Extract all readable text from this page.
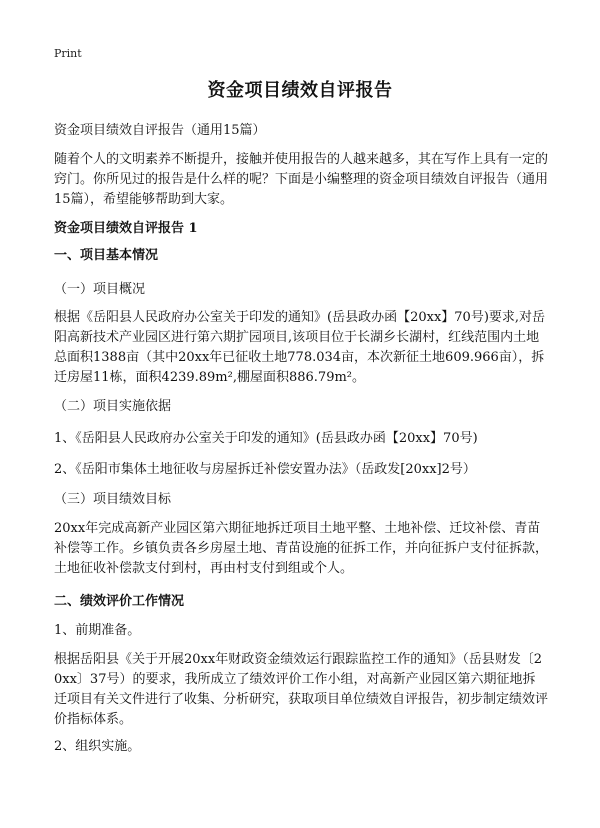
Print
资金项目绩效自评报告
资金项目绩效自评报告（通用15篇）
随着个人的文明素养不断提升，接触并使用报告的人越来越多，其在写作上具有一定的窍门。你所见过的报告是什么样的呢？下面是小编整理的资金项目绩效自评报告（通用15篇），希望能够帮助到大家。
资金项目绩效自评报告 1
一、项目基本情况
（一）项目概况
根据《岳阳县人民政府办公室关于印发的通知》(岳县政办函【20xx】70号)要求,对岳阳高新技术产业园区进行第六期扩园项目,该项目位于长湖乡长湖村，红线范围内土地总面积1388亩（其中20xx年已征收土地778.034亩，本次新征土地609.966亩），拆迁房屋11栋，面积4239.89m²,棚屋面积886.79m²。
（二）项目实施依据
1、《岳阳县人民政府办公室关于印发的通知》(岳县政办函【20xx】70号)
2、《岳阳市集体土地征收与房屋拆迁补偿安置办法》（岳政发[20xx]2号）
（三）项目绩效目标
20xx年完成高新产业园区第六期征地拆迁项目土地平整、土地补偿、迁坟补偿、青苗补偿等工作。乡镇负责各乡房屋土地、青苗设施的征拆工作，并向征拆户支付征拆款，土地征收补偿款支付到村，再由村支付到组或个人。
二、绩效评价工作情况
1、前期准备。
根据岳阳县《关于开展20xx年财政资金绩效运行跟踪监控工作的通知》（岳县财发〔20xx〕37号）的要求，我所成立了绩效评价工作小组，对高新产业园区第六期征地拆迁项目有关文件进行了收集、分析研究，获取项目单位绩效自评报告，初步制定绩效评价指标体系。
2、组织实施。
